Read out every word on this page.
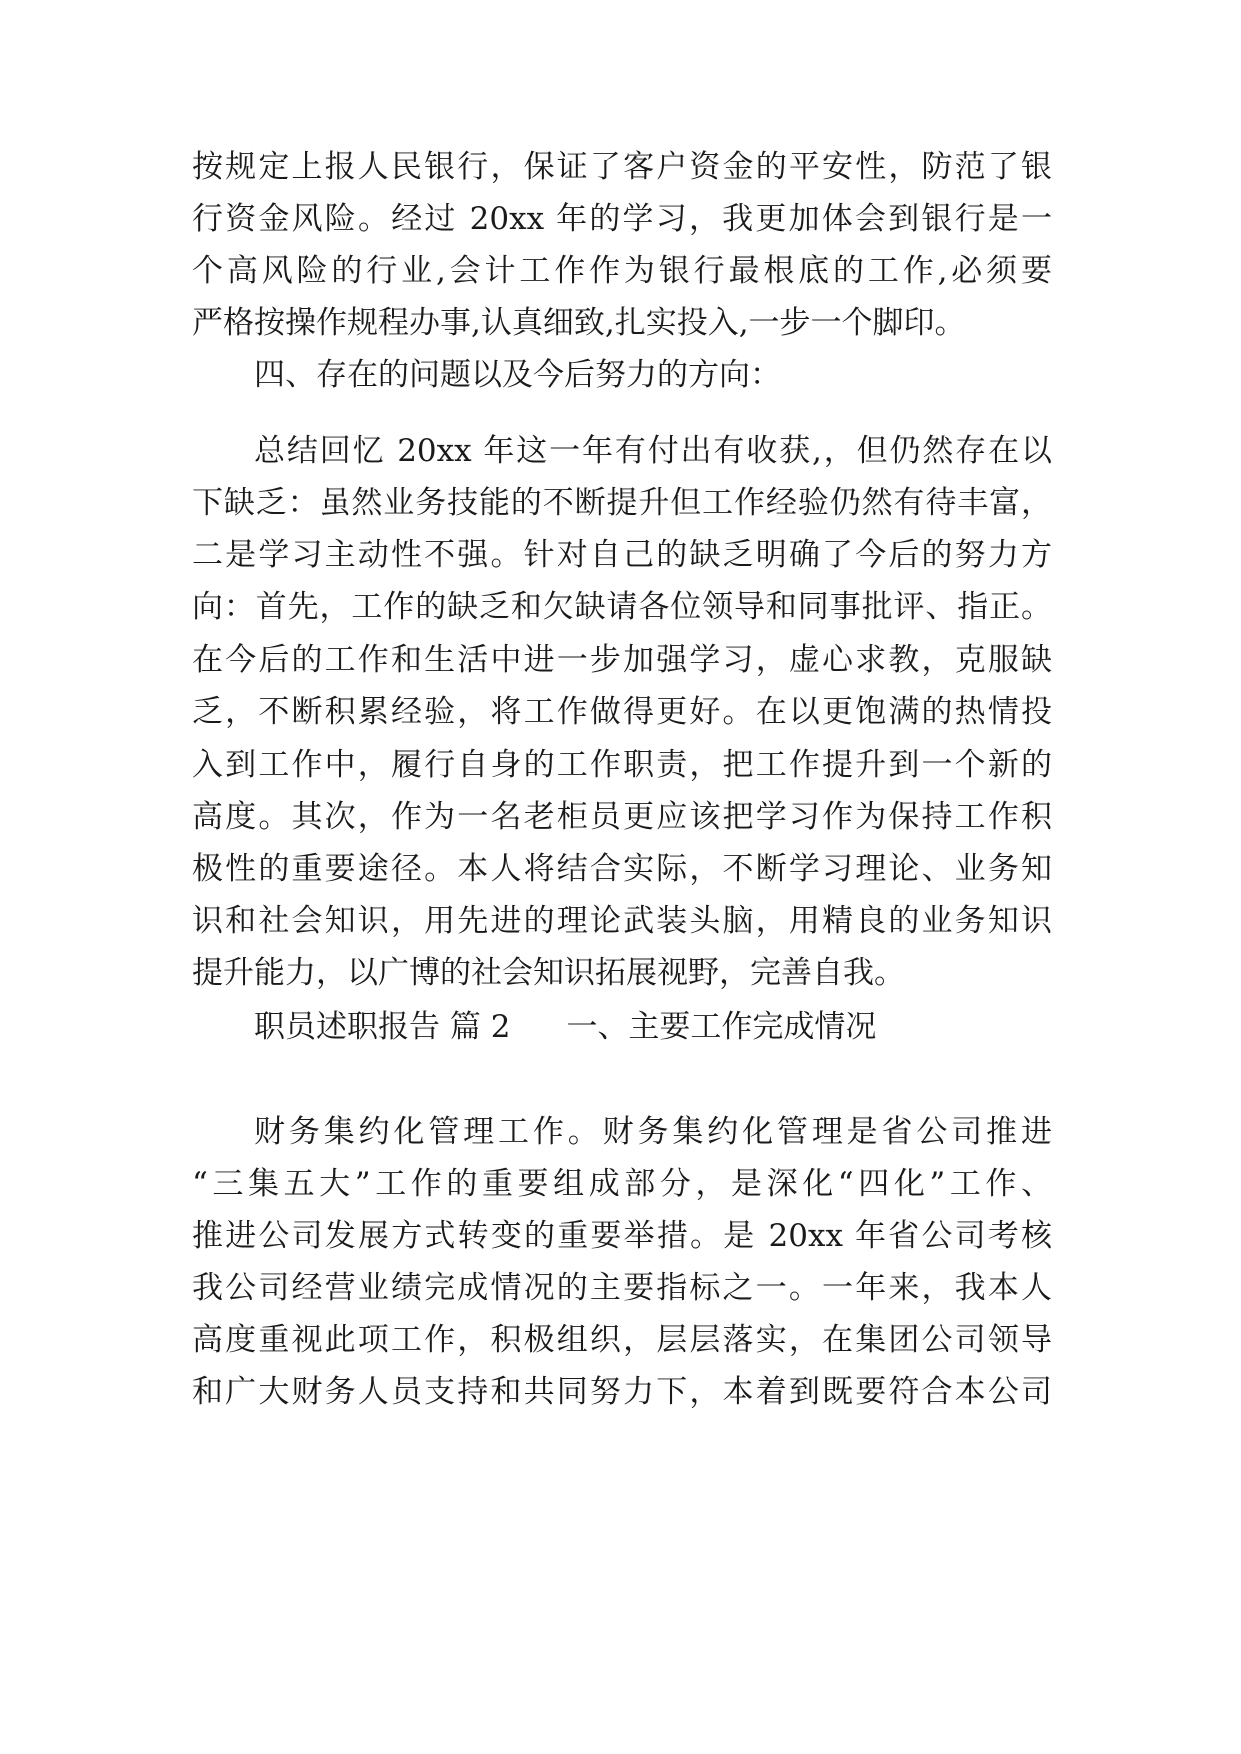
按规定上报人民银行，保证了客户资金的平安性，防范了银
行资金风险。经过 20xx 年的学习，我更加体会到银行是一
个高风险的行业,会计工作作为银行最根底的工作,必须要
严格按操作规程办事,认真细致,扎实投入,一步一个脚印。
四、存在的问题以及今后努力的方向：
总结回忆 20xx 年这一年有付出有收获,，但仍然存在以
下缺乏：虽然业务技能的不断提升但工作经验仍然有待丰富，
二是学习主动性不强。针对自己的缺乏明确了今后的努力方
向：首先，工作的缺乏和欠缺请各位领导和同事批评、指正。
在今后的工作和生活中进一步加强学习，虚心求教，克服缺
乏，不断积累经验，将工作做得更好。在以更饱满的热情投
入到工作中，履行自身的工作职责，把工作提升到一个新的
高度。其次，作为一名老柜员更应该把学习作为保持工作积
极性的重要途径。本人将结合实际，不断学习理论、业务知
识和社会知识，用先进的理论武装头脑，用精良的业务知识
提升能力，以广博的社会知识拓展视野，完善自我。
职员述职报告 篇 2 一、主要工作完成情况
财务集约化管理工作。财务集约化管理是省公司推进
“三集五大”工作的重要组成部分，是深化“四化”工作、
推进公司发展方式转变的重要举措。是 20xx 年省公司考核
我公司经营业绩完成情况的主要指标之一。一年来，我本人
高度重视此项工作，积极组织，层层落实，在集团公司领导
和广大财务人员支持和共同努力下，本着到既要符合本公司
